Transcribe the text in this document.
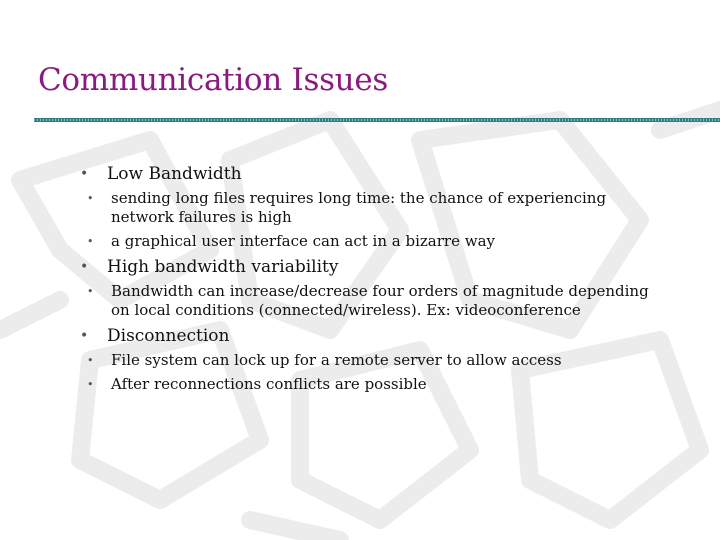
Communication Issues
• Low Bandwidth
• sending long files requires long time: the chance of experiencing network failures is high
• a graphical user interface can act in a bizarre way
• High bandwidth variability
• Bandwidth can increase/decrease four orders of magnitude depending on local conditions (connected/wireless). Ex: videoconference
• Disconnection
• File system can lock up for a remote server to allow access
• After reconnections conflicts are possible
